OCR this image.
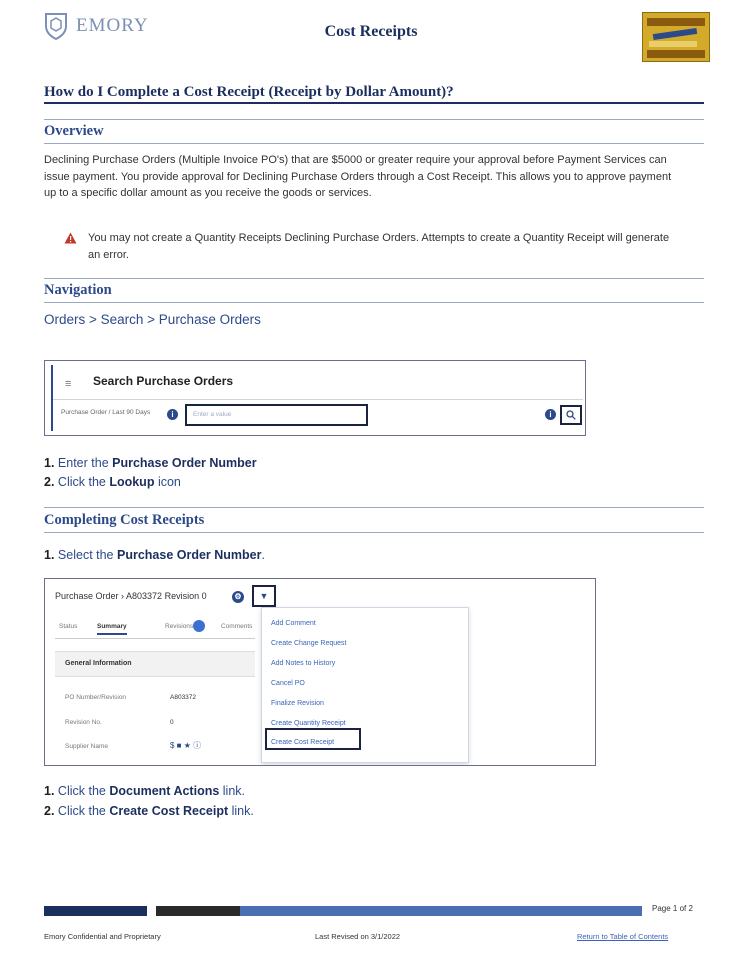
EMORY	Cost Receipts
How do I Complete a Cost Receipt (Receipt by Dollar Amount)?
Overview
Declining Purchase Orders (Multiple Invoice PO's) that are $5000 or greater require your approval before Payment Services can issue payment. You provide approval for Declining Purchase Orders through a Cost Receipt. This allows you to approve payment up to a specific dollar amount as you receive the goods or services.
You may not create a Quantity Receipts Declining Purchase Orders. Attempts to create a Quantity Receipt will generate an error.
Navigation
Orders > Search > Purchase Orders
≡ Search Purchase Orders
Purchase Order / Last 90 Days	i	Enter a value	i
1. Enter the Purchase Order Number
2. Click the Lookup icon
Completing Cost Receipts
1. Select the Purchase Order Number.
Purchase Order › A803372 Revision 0	⚙	▼
Status	Summary	Revisions	Comments
General Information
PO Number/Revision	A803372
Revision No.	0
Supplier Name	$ ■ ★ ⓘ
Add Comment
Create Change Request
Add Notes to History
Cancel PO
Finalize Revision
Create Quantity Receipt
Create Cost Receipt
1. Click the Document Actions link.
2. Click the Create Cost Receipt link.
Page 1 of 2
Emory Confidential and Proprietary	Last Revised on 3/1/2022	Return to Table of Contents
